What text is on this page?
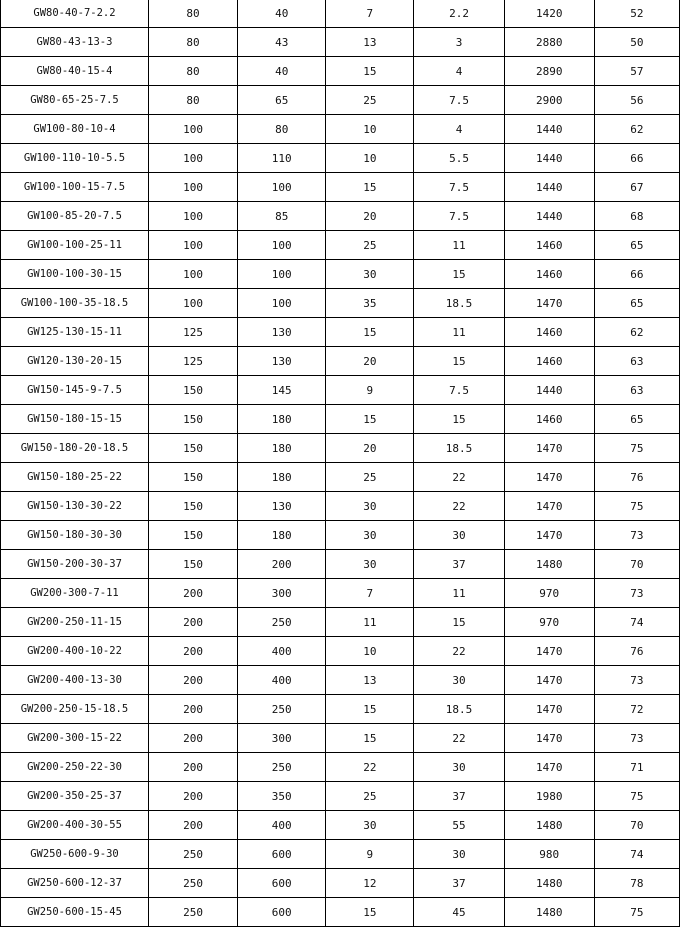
GW80-40-7-2.2	80	40	7	2.2	1420	52
GW80-43-13-3	80	43	13	3	2880	50
GW80-40-15-4	80	40	15	4	2890	57
GW80-65-25-7.5	80	65	25	7.5	2900	56
GW100-80-10-4	100	80	10	4	1440	62
GW100-110-10-5.5	100	110	10	5.5	1440	66
GW100-100-15-7.5	100	100	15	7.5	1440	67
GW100-85-20-7.5	100	85	20	7.5	1440	68
GW100-100-25-11	100	100	25	11	1460	65
GW100-100-30-15	100	100	30	15	1460	66
GW100-100-35-18.5	100	100	35	18.5	1470	65
GW125-130-15-11	125	130	15	11	1460	62
GW120-130-20-15	125	130	20	15	1460	63
GW150-145-9-7.5	150	145	9	7.5	1440	63
GW150-180-15-15	150	180	15	15	1460	65
GW150-180-20-18.5	150	180	20	18.5	1470	75
GW150-180-25-22	150	180	25	22	1470	76
GW150-130-30-22	150	130	30	22	1470	75
GW150-180-30-30	150	180	30	30	1470	73
GW150-200-30-37	150	200	30	37	1480	70
GW200-300-7-11	200	300	7	11	970	73
GW200-250-11-15	200	250	11	15	970	74
GW200-400-10-22	200	400	10	22	1470	76
GW200-400-13-30	200	400	13	30	1470	73
GW200-250-15-18.5	200	250	15	18.5	1470	72
GW200-300-15-22	200	300	15	22	1470	73
GW200-250-22-30	200	250	22	30	1470	71
GW200-350-25-37	200	350	25	37	1980	75
GW200-400-30-55	200	400	30	55	1480	70
GW250-600-9-30	250	600	9	30	980	74
GW250-600-12-37	250	600	12	37	1480	78
GW250-600-15-45	250	600	15	45	1480	75
